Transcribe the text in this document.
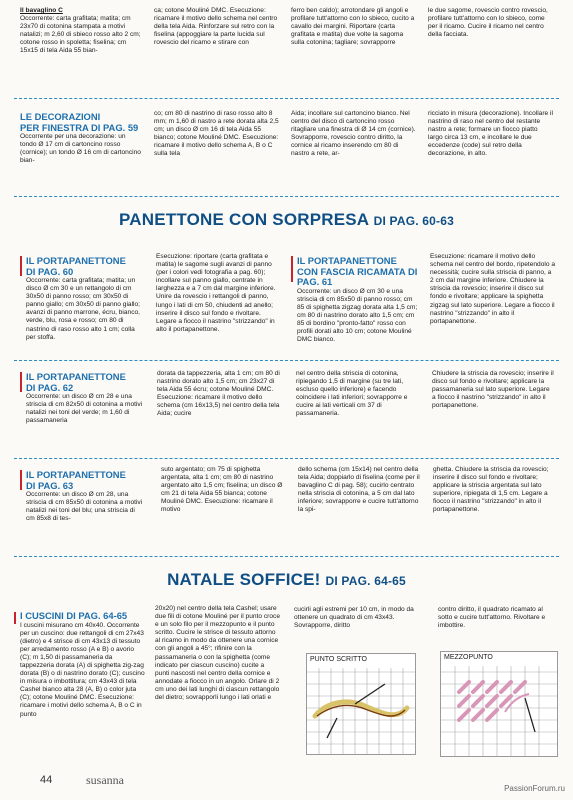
Il bavaglino C

Occorrente: carta grafitata; matita; cm 23x70 di cotonina stampata a motivi natalizi; m 2,60 di sbieco rosso alto 2 cm; cotone rosso in spoletta; fiselina; cm 15x15 di tela Aida 55 bian-

ca; cotone Mouliné DMC. Esecuzione: ricamare il motivo dello schema nel centro della tela Aida. Rinforzare sul retro con la fiselina (appoggiare la parte lucida sul rovescio del ricamo e stirare con

ferro ben caldo); arrotondare gli angoli e profilare tutt'attorno con lo sbieco, cucito a cavallo dei margini. Riportare (carta grafitata e matita) due volte la sagoma sulla cotonina; tagliare; sovrapporre

le due sagome, rovescio contro rovescio, profilare tutt'attorno con lo sbieco, come per il ricamo. Cucire il ricamo nel centro della facciata.

LE DECORAZIONI
PER FINESTRA DI PAG. 59

Occorrente per una decorazione: un tondo Ø 17 cm di cartoncino rosso (cornice); un tondo Ø 16 cm di cartoncino bian-

co; cm 80 di nastrino di raso rosso alto 8 mm; m 1,60 di nastro a rete dorata alta 2,5 cm; un disco Ø cm 16 di tela Aida 55 bianco; cotone Mouliné DMC. Esecuzione: ricamare il motivo dello schema A, B o C sulla tela

Aida; incollare sul cartoncino bianco. Nel centro del disco di cartoncino rosso ritagliare una finestra di Ø 14 cm (cornice). Sovrapporre, rovescio contro diritto, la cornice al ricamo inserendo cm 80 di nastro a rete, ar-

ricciato in misura (decorazione). Incollare il nastrino di raso nel centro del restante nastro a rete; formare un fiocco piatto largo circa 13 cm, e incollare le due eccedenze (code) sul retro della decorazione, in alto.

PANETTONE CON SORPRESA DI PAG. 60-63

IL PORTAPANETTONE
DI PAG. 60

Occorrente: carta grafitata; matita; un disco Ø cm 30 e un rettangolo di cm 30x50 di panno rosso; cm 30x50 di panno giallo; cm 30x50 di panno giallo; avanzi di panno marrone, écru, bianco, verde, blu, rosa e rosso; cm 80 di nastrino di raso rosso alto 1 cm; colla per stoffa.

Esecuzione: riportare (carta grafitata e matita) le sagome sugli avanzi di panno (per i colori vedi fotografia a pag. 60); incollare sul panno giallo, centrate in larghezza e a 7 cm dal margine inferiore. Unire da rovescio i rettangoli di panno, lungo i lati di cm 50, chiudenti ad anello; inserire il disco sul fondo e rivoltare. Legare a fiocco il nastrino "strizzando" in alto il portapanettone.

IL PORTAPANETTONE CON FASCIA RICAMATA DI PAG. 61

Occorrente: un disco Ø cm 30 e una striscia di cm 85x50 di panno rosso; cm 85 di spighetta zigzag dorata alta 1,5 cm; cm 80 di nastrino dorato alto 1,5 cm; cm 85 di bordino "pronto-fatto" rosso con profili dorati alto 10 cm; cotone Mouliné DMC bianco.

Esecuzione: ricamare il motivo dello schema nel centro del bordo, ripetendolo a necessità; cucire sulla striscia di panno, a 2 cm dal margine inferiore. Chiudere la striscia da rovescio; inserire il disco sul fondo e rivoltare; applicare la spighetta zigzag sul lato superiore. Legare a fiocco il nastrino "strizzando" in alto il portapanettone.

IL PORTAPANETTONE
DI PAG. 62

Occorrente: un disco Ø cm 28 e una striscia di cm 82x50 di cotonina a motivi natalizi nei toni del verde; m 1,60 di passamaneria

dorata da tappezzeria, alta 1 cm; cm 80 di nastrino dorato alto 1,5 cm; cm 23x27 di tela Aida 55 écru; cotone Mouliné DMC. Esecuzione: ricamare il motivo dello schema (cm 16x13,5) nel centro della tela Aida; cucire

nel centro della striscia di cotonina, ripiegando 1,5 di margine (su tre lati, escluso quello inferiore) e facendo coincidere i lati inferiori; sovrapporre e cucire ai lati verticali cm 37 di passamaneria.

Chiudere la striscia da rovescio; inserire il disco sul fondo e rivoltare; applicare la passamaneria sul lato superiore. Legare a fiocco il nastrino "strizzando" in alto il portapanettone.

IL PORTAPANETTONE
DI PAG. 63

Occorrente: un disco Ø cm 28, una striscia di cm 85x50 di cotonina a motivi natalizi nei toni del blu; una striscia di cm 85x8 di tes-

suto argentato; cm 75 di spighetta argentata, alta 1 cm; cm 80 di nastrino argentato alto 1,5 cm; fiselina; un disco Ø cm 21 di tela Aida 55 bianca; cotone Mouliné DMC. Esecuzione: ricamare il motivo

dello schema (cm 15x14) nel centro della tela Aida; doppiarlo di fiselina (come per il bavaglino C di pag. 58); cucirlo centrato nella striscia di cotonina, a 5 cm dal lato inferiore; sovrapporre e cucire tutt'attorno la spi-

ghetta. Chiudere la striscia da rovescio; inserire il disco sul fondo e rivoltare; applicare la striscia argentata sul lato superiore, ripiegata di 1,5 cm. Legare a fiocco il nastrino "strizzando" in alto il portapanettone.

NATALE SOFFICE! DI PAG. 64-65

I CUSCINI DI PAG. 64-65

I cuscini misurano cm 40x40. Occorrente per un cuscino: due rettangoli di cm 27x43 (dietro) e 4 strisce di cm 43x13 di tessuto per arredamento rosso (A e B) o avorio (C); m 1,50 di passamaneria da tappezzeria dorata (A) di spighetta zig-zag dorata (B) o di nastrino dorato (C); cuscino in misura o imbottitura; cm 43x43 di tela Cashel bianco alta 28 (A, B) o color juta (C); cotone Mouliné DMC. Esecuzione: ricamare i motivi dello schema A, B o C in punto

20x20) nel centro della tela Cashel; usare due fili di cotone Mouliné per il punto croce e un solo filo per il mezzopunto e il punto scritto. Cucire le strisce di tessuto attorno al ricamo in modo da ottenere una cornice con gli angoli a 45°; rifinire con la passamaneria o con la spighetta (come indicato per ciascun cuscino) cucite a punti nascosti nel centro della cornice e annodate a fiocco in un angolo. Orlare di 2 cm uno dei lati lunghi di ciascun rettangolo del dietro; sovrapporli lungo i lati orlati e

cucirli agli estremi per 10 cm, in modo da ottenere un quadrato di cm 43x43. Sovrapporre, diritto

contro diritto, il quadrato ricamato al sotto e cucire tutt'attorno. Rivoltare e imbottire.

PUNTO SCRITTO	MEZZOPUNTO
44	susanna
PassionForum.ru
